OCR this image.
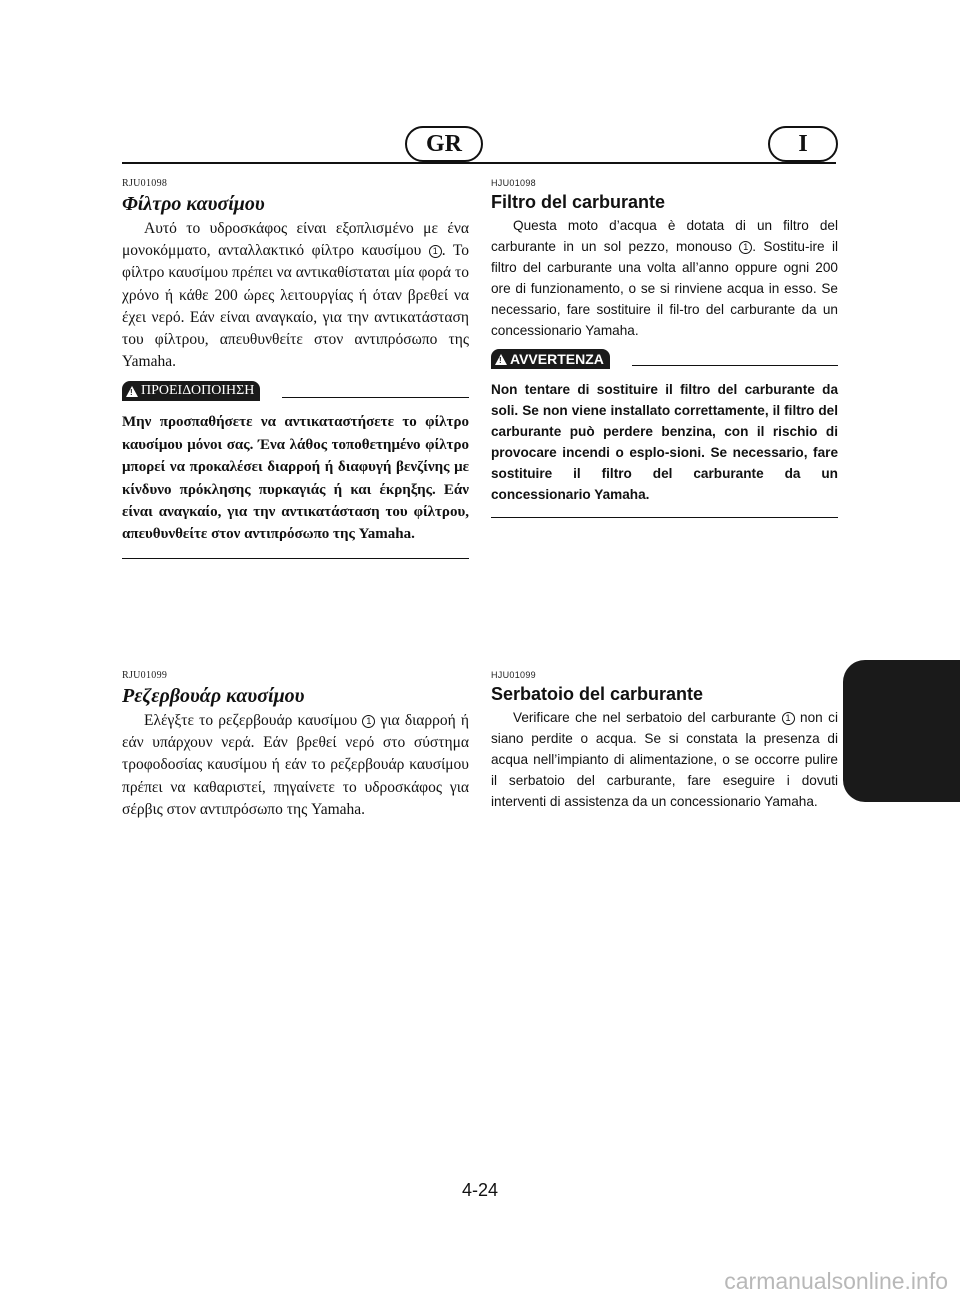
GR	I
RJU01098
Φίλτρο καυσίμου

Αυτό το υδροσκάφος είναι εξοπλισμένο με ένα μονοκόμματο, ανταλλακτικό φίλτρο καυσίμου 1 . Το φίλτρο καυσίμου πρέπει να αντικαθίσταται μία φορά το χρόνο ή κάθε 200 ώρες λειτουργίας ή όταν βρεθεί να έχει νερό. Εάν είναι αναγκαίο, για την αντικατάσταση του φίλτρου, απευθυνθείτε στον αντιπρόσωπο της Yamaha.

! ΠΡΟΕΙΔΟΠΟΙΗΣΗ
Μην προσπαθήσετε να αντικαταστήσετε το φίλτρο καυσίμου μόνοι σας. Ένα λάθος τοποθετημένο φίλτρο μπορεί να προκαλέσει διαρροή ή διαφυγή βενζίνης με κίνδυνο πρόκλησης πυρκαγιάς ή και έκρηξης. Εάν είναι αναγκαίο, για την αντικατάσταση του φίλτρου, απευθυνθείτε στον αντιπρόσωπο της Yamaha.
HJU01098
Filtro del carburante

Questa moto d’acqua è dotata di un filtro del carburante in un sol pezzo, monouso 1 . Sostitu-ire il filtro del carburante una volta all’anno oppure ogni 200 ore di funzionamento, o se si rinviene acqua in esso. Se necessario, fare sostituire il fil-tro del carburante da un concessionario Yamaha.

! AVVERTENZA
Non tentare di sostituire il filtro del carburante da soli. Se non viene installato correttamente, il filtro del carburante può perdere benzina, con il rischio di provocare incendi o esplo-sioni. Se necessario, fare sostituire il filtro del carburante da un concessionario Yamaha.
RJU01099
Ρεζερβουάρ καυσίμου

Ελέγξτε το ρεζερβουάρ καυσίμου 1 για διαρροή ή εάν υπάρχουν νερά. Εάν βρεθεί νερό στο σύστημα τροφοδοσίας καυσίμου ή εάν το ρεζερβουάρ καυσίμου πρέπει να καθαριστεί, πηγαίνετε το υδροσκάφος για σέρβις στον αντιπρόσωπο της Yamaha.

HJU01099
Serbatoio del carburante

Verificare che nel serbatoio del carburante 1 non ci siano perdite o acqua. Se si constata la presenza di acqua nell’impianto di alimentazione, o se occorre pulire il serbatoio del carburante, fare eseguire i dovuti interventi di assistenza da un concessionario Yamaha.

4-24
carmanualsonline.info
